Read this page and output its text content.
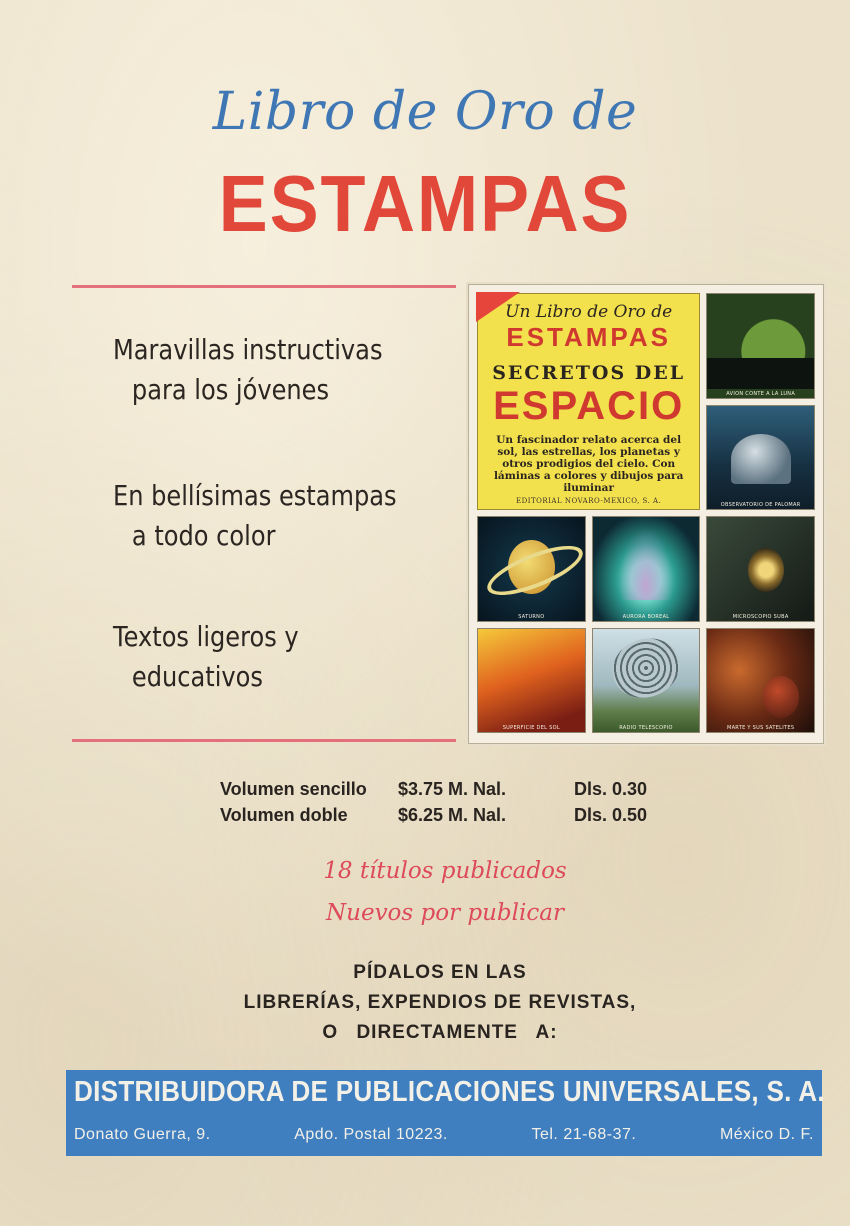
Libro de Oro de
ESTAMPAS
Maravillas instructivas
para los jóvenes
En bellísimas estampas
a todo color
Textos ligeros y
educativos
Un Libro de Oro de
ESTAMPAS
SECRETOS DEL
ESPACIO
Un fascinador relato acerca del sol, las estrellas, los planetas y otros prodigios del cielo. Con láminas a colores y dibujos para iluminar
EDITORIAL NOVARO-MEXICO, S. A.
AVION CONTE A LA LUNA
OBSERVATORIO DE PALOMAR
SATURNO	AURORA BOREAL	MICROSCOPIO SUBA
SUPERFICIE DEL SOL	RADIO TELESCOPIO	MARTE Y SUS SATELITES
Volumen sencillo	$3.75 M. Nal.	Dls. 0.30
Volumen doble	$6.25 M. Nal.	Dls. 0.50
18 títulos publicados
Nuevos por publicar
PÍDALOS EN LAS
LIBRERÍAS, EXPENDIOS DE REVISTAS,
O DIRECTAMENTE A:
DISTRIBUIDORA DE PUBLICACIONES UNIVERSALES, S. A.
Donato Guerra, 9.	Apdo. Postal 10223.	Tel. 21-68-37.	México D. F.
